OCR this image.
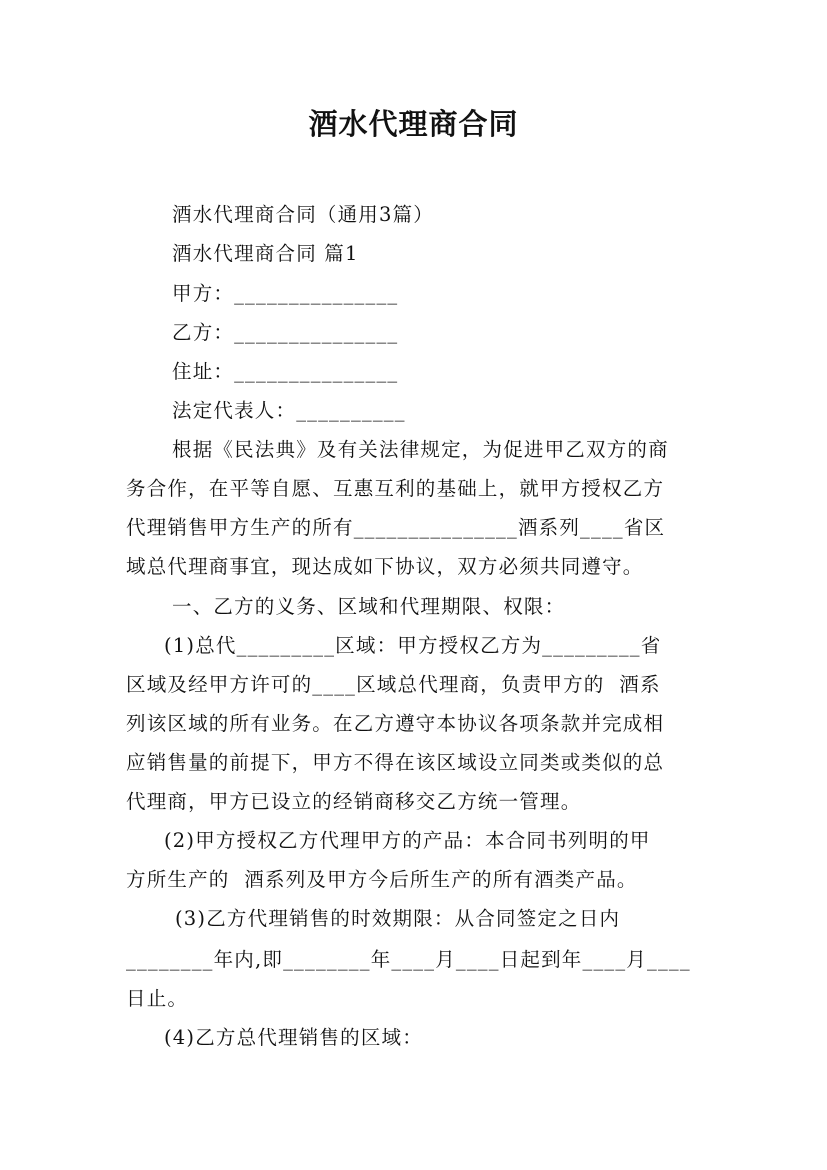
酒水代理商合同
酒水代理商合同（通用3篇）
酒水代理商合同 篇1
甲方：_______________
乙方：_______________
住址：_______________
法定代表人：__________
根据《民法典》及有关法律规定，为促进甲乙双方的商
务合作，在平等自愿、互惠互利的基础上，就甲方授权乙方
代理销售甲方生产的所有_______________酒系列____省区
域总代理商事宜，现达成如下协议，双方必须共同遵守。
一、乙方的义务、区域和代理期限、权限：
(1)总代_________区域：甲方授权乙方为_________省
区域及经甲方许可的____区域总代理商，负责甲方的  酒系
列该区域的所有业务。在乙方遵守本协议各项条款并完成相
应销售量的前提下，甲方不得在该区域设立同类或类似的总
代理商，甲方已设立的经销商移交乙方统一管理。
(2)甲方授权乙方代理甲方的产品：本合同书列明的甲
方所生产的  酒系列及甲方今后所生产的所有酒类产品。
(3)乙方代理销售的时效期限：从合同签定之日内
________年内,即________年____月____日起到年____月____
日止。
(4)乙方总代理销售的区域：
